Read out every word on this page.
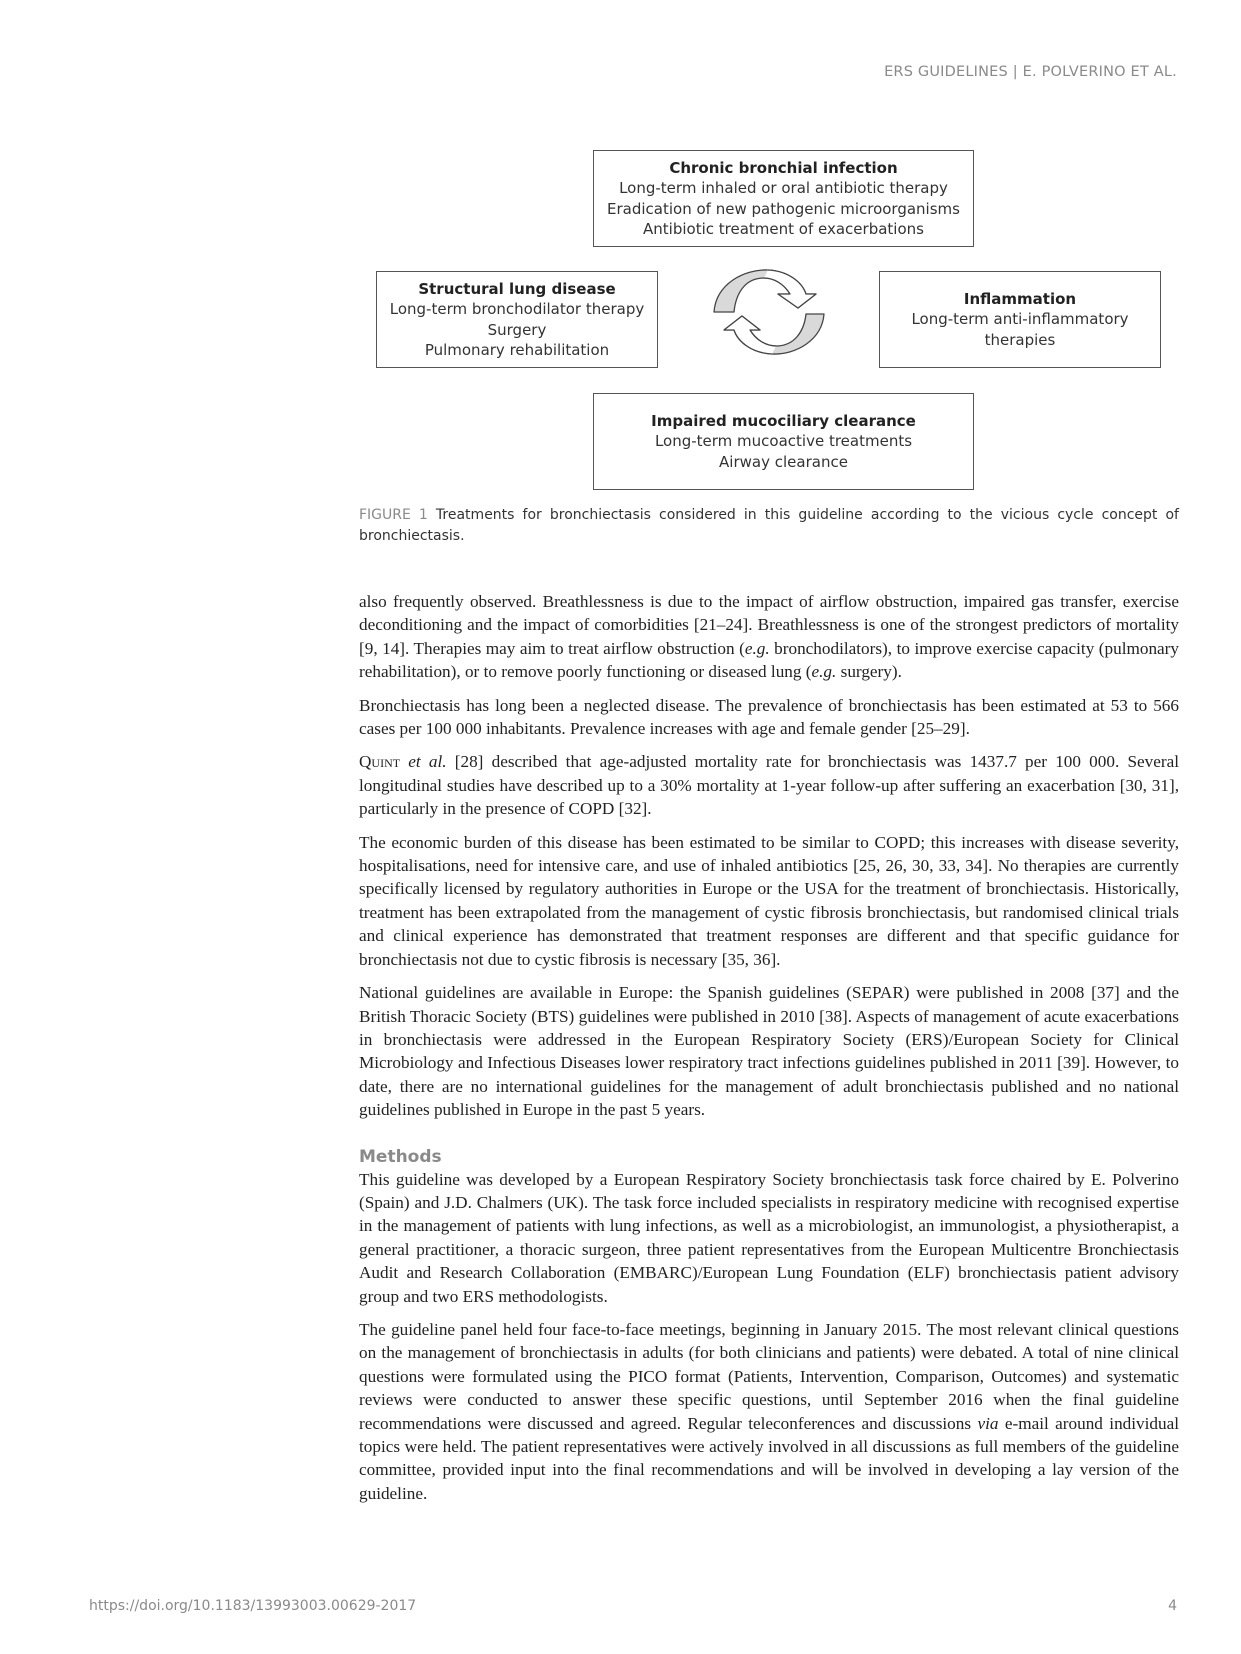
ERS GUIDELINES | E. POLVERINO ET AL.
Chronic bronchial infection
Long-term inhaled or oral antibiotic therapy
Eradication of new pathogenic microorganisms
Antibiotic treatment of exacerbations
Structural lung disease
Long-term bronchodilator therapy
Surgery
Pulmonary rehabilitation
Inflammation
Long-term anti-inflammatory
therapies
Impaired mucociliary clearance
Long-term mucoactive treatments
Airway clearance
FIGURE 1 Treatments for bronchiectasis considered in this guideline according to the vicious cycle concept of bronchiectasis.

also frequently observed. Breathlessness is due to the impact of airflow obstruction, impaired gas transfer, exercise deconditioning and the impact of comorbidities [21–24]. Breathlessness is one of the strongest predictors of mortality [9, 14]. Therapies may aim to treat airflow obstruction (e.g. bronchodilators), to improve exercise capacity (pulmonary rehabilitation), or to remove poorly functioning or diseased lung (e.g. surgery).

Bronchiectasis has long been a neglected disease. The prevalence of bronchiectasis has been estimated at 53 to 566 cases per 100 000 inhabitants. Prevalence increases with age and female gender [25–29].

Quint et al. [28] described that age-adjusted mortality rate for bronchiectasis was 1437.7 per 100 000. Several longitudinal studies have described up to a 30% mortality at 1-year follow-up after suffering an exacerbation [30, 31], particularly in the presence of COPD [32].

The economic burden of this disease has been estimated to be similar to COPD; this increases with disease severity, hospitalisations, need for intensive care, and use of inhaled antibiotics [25, 26, 30, 33, 34]. No therapies are currently specifically licensed by regulatory authorities in Europe or the USA for the treatment of bronchiectasis. Historically, treatment has been extrapolated from the management of cystic fibrosis bronchiectasis, but randomised clinical trials and clinical experience has demonstrated that treatment responses are different and that specific guidance for bronchiectasis not due to cystic fibrosis is necessary [35, 36].

National guidelines are available in Europe: the Spanish guidelines (SEPAR) were published in 2008 [37] and the British Thoracic Society (BTS) guidelines were published in 2010 [38]. Aspects of management of acute exacerbations in bronchiectasis were addressed in the European Respiratory Society (ERS)/European Society for Clinical Microbiology and Infectious Diseases lower respiratory tract infections guidelines published in 2011 [39]. However, to date, there are no international guidelines for the management of adult bronchiectasis published and no national guidelines published in Europe in the past 5 years.

Methods

This guideline was developed by a European Respiratory Society bronchiectasis task force chaired by E. Polverino (Spain) and J.D. Chalmers (UK). The task force included specialists in respiratory medicine with recognised expertise in the management of patients with lung infections, as well as a microbiologist, an immunologist, a physiotherapist, a general practitioner, a thoracic surgeon, three patient representatives from the European Multicentre Bronchiectasis Audit and Research Collaboration (EMBARC)/European Lung Foundation (ELF) bronchiectasis patient advisory group and two ERS methodologists.

The guideline panel held four face-to-face meetings, beginning in January 2015. The most relevant clinical questions on the management of bronchiectasis in adults (for both clinicians and patients) were debated. A total of nine clinical questions were formulated using the PICO format (Patients, Intervention, Comparison, Outcomes) and systematic reviews were conducted to answer these specific questions, until September 2016 when the final guideline recommendations were discussed and agreed. Regular teleconferences and discussions via e-mail around individual topics were held. The patient representatives were actively involved in all discussions as full members of the guideline committee, provided input into the final recommendations and will be involved in developing a lay version of the guideline.

https://doi.org/10.1183/13993003.00629-2017	4
